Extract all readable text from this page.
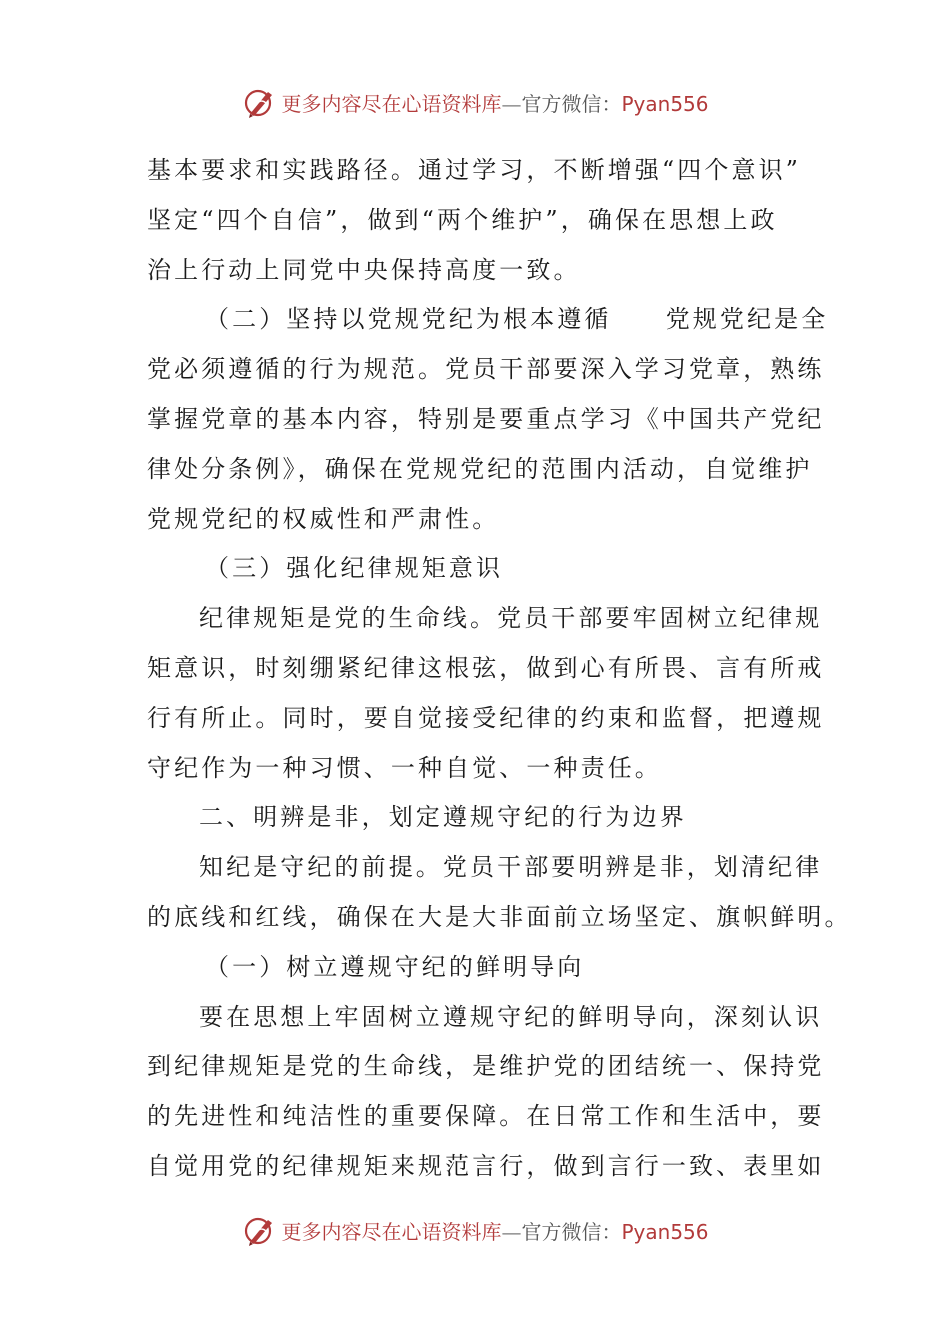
更多内容尽在心语资料库—官方微信：Pyan556
基本要求和实践路径。通过学习，不断增强“四个意识”
坚定“四个自信”，做到“两个维护”，确保在思想上政
治上行动上同党中央保持高度一致。
（二）坚持以党规党纪为根本遵循　　党规党纪是全
党必须遵循的行为规范。党员干部要深入学习党章，熟练
掌握党章的基本内容，特别是要重点学习《中国共产党纪
律处分条例》，确保在党规党纪的范围内活动，自觉维护
党规党纪的权威性和严肃性。
（三）强化纪律规矩意识
纪律规矩是党的生命线。党员干部要牢固树立纪律规
矩意识，时刻绷紧纪律这根弦，做到心有所畏、言有所戒
行有所止。同时，要自觉接受纪律的约束和监督，把遵规
守纪作为一种习惯、一种自觉、一种责任。
二、明辨是非，划定遵规守纪的行为边界
知纪是守纪的前提。党员干部要明辨是非，划清纪律
的底线和红线，确保在大是大非面前立场坚定、旗帜鲜明。
（一）树立遵规守纪的鲜明导向
要在思想上牢固树立遵规守纪的鲜明导向，深刻认识
到纪律规矩是党的生命线，是维护党的团结统一、保持党
的先进性和纯洁性的重要保障。在日常工作和生活中，要
自觉用党的纪律规矩来规范言行，做到言行一致、表里如
更多内容尽在心语资料库—官方微信：Pyan556
